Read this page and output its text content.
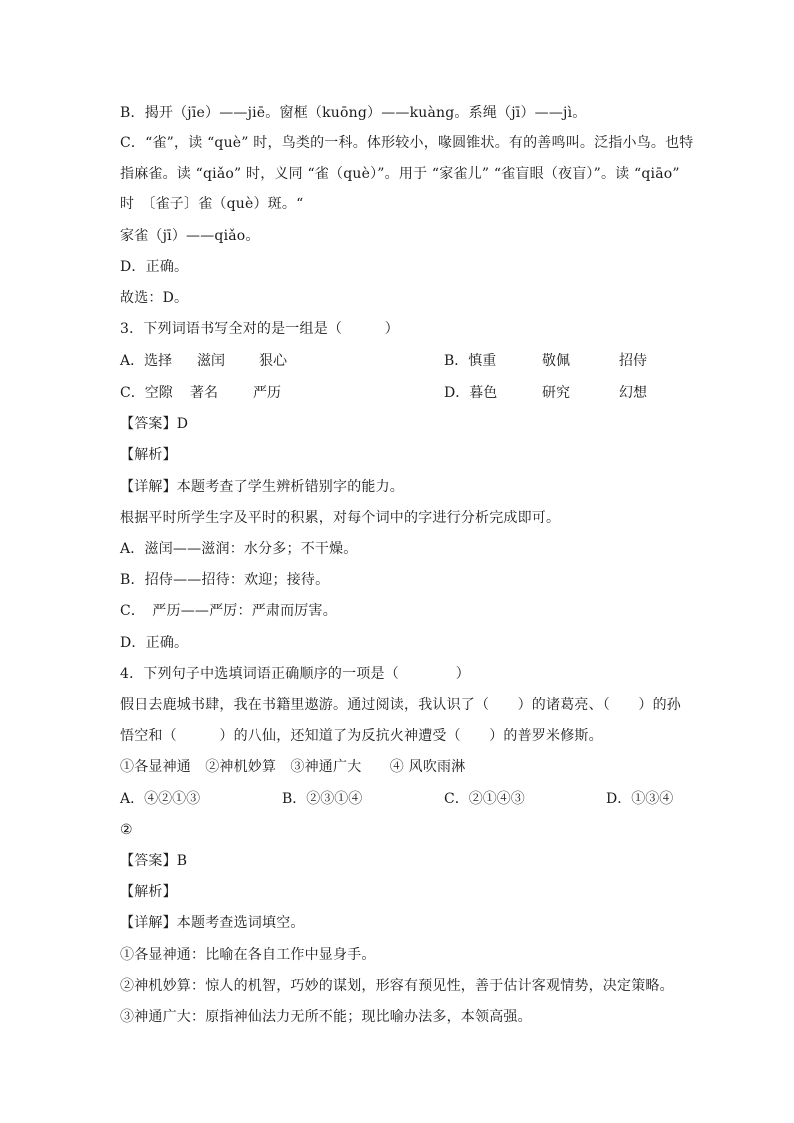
B．揭开（jīe）——jiē。窗框（kuōng）——kuàng。系绳（jī）——jì。
C．“雀”，读 “què” 时，鸟类的一科。体形较小，喙圆锥状。有的善鸣叫。泛指小鸟。也特
指麻雀。读 “qiǎo” 时，义同 “雀（què）”。用于 “家雀儿” “雀盲眼（夜盲）”。读 “qiāo”
时　〔雀子〕雀（què）斑。“
家雀（jī）——qiǎo。
D．正确。
故选：D。
3．下列词语书写全对的是一组是（　　　）
A．选择 滋闰 狠心	B．慎重	敬佩	招侍
C．空隙 著名	严历	D．暮色	研究	幻想
【答案】D
【解析】
【详解】本题考查了学生辨析错别字的能力。
根据平时所学生字及平时的积累，对每个词中的字进行分析完成即可。
A．滋闰——滋润：水分多；不干燥。
B．招侍——招待：欢迎；接待。
C．　严历——严厉：严肃而厉害。
D．正确。
4．下列句子中选填词语正确顺序的一项是（　　　　）
假日去鹿城书肆，我在书籍里遨游。通过阅读，我认识了（　　）的诸葛亮、（　　）的孙
悟空和（　　　）的八仙，还知道了为反抗火神遭受（　　）的普罗米修斯。
①各显神通　②神机妙算　③神通广大　　④ 风吹雨淋
A．④②①③	B．②③①④	C．②①④③	D．①③④
②
【答案】B
【解析】
【详解】本题考查选词填空。
①各显神通：比喻在各自工作中显身手。
②神机妙算：惊人的机智，巧妙的谋划，形容有预见性，善于估计客观情势，决定策略。
③神通广大：原指神仙法力无所不能；现比喻办法多，本领高强。
